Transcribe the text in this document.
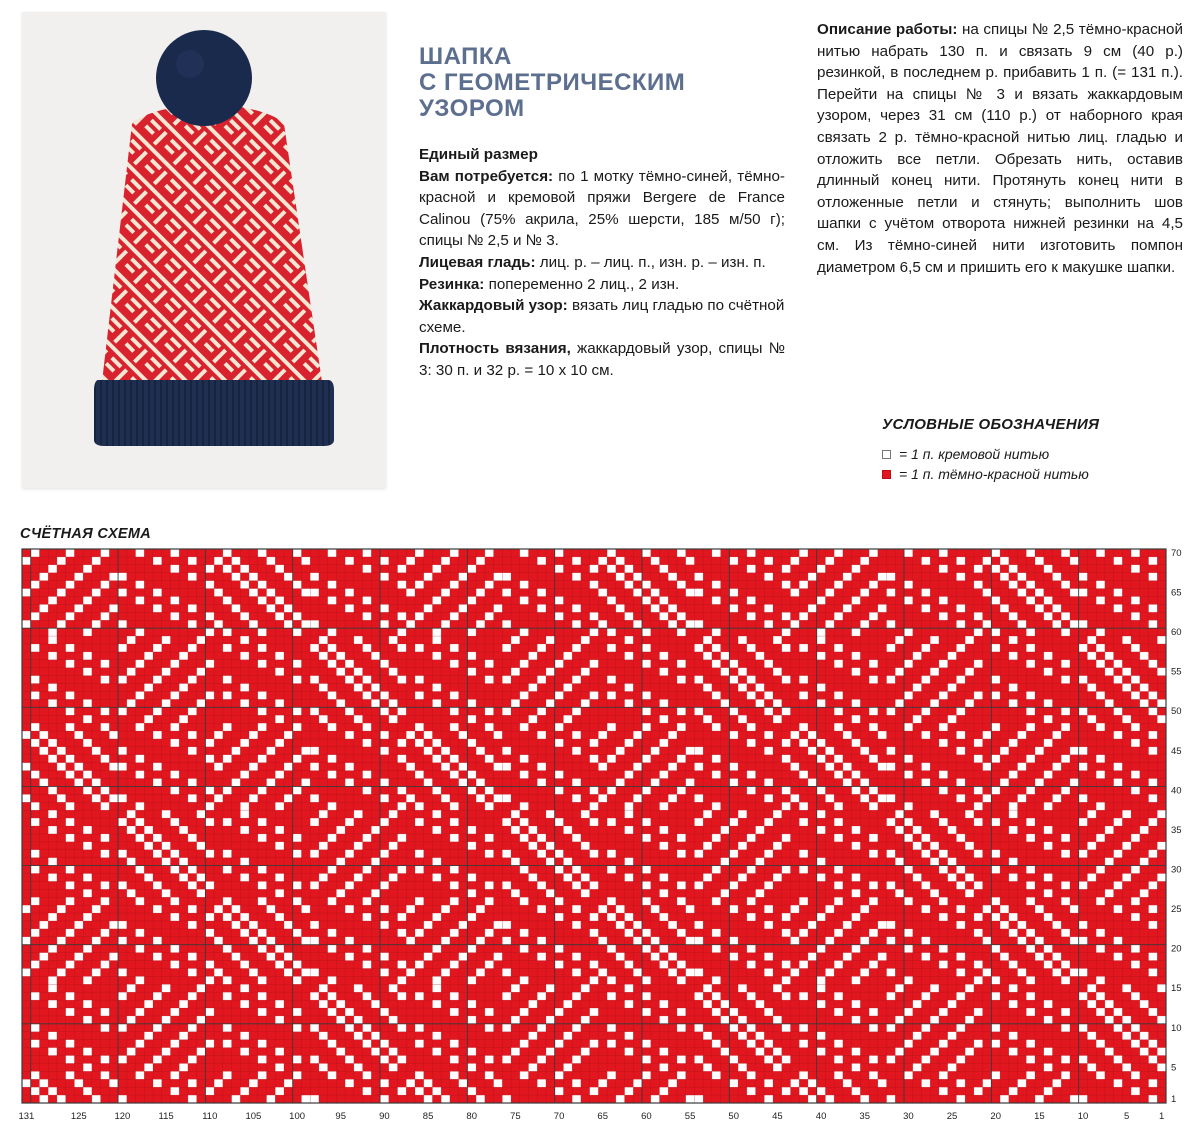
ШАПКА
С ГЕОМЕТРИЧЕСКИМ
УЗОРОМ

Единый размер

Вам потребуется: по 1 мотку тёмно-синей, тёмно-красной и кремовой пряжи Bergere de France Calinou (75% акрила, 25% шерсти, 185 м/50 г); спицы № 2,5 и № 3.

Лицевая гладь: лиц. р. – лиц. п., изн. р. – изн. п.

Резинка: попеременно 2 лиц., 2 изн.

Жаккардовый узор: вязать лиц гладью по счётной схеме.

Плотность вязания, жаккардовый узор, спицы № 3: 30 п. и 32 р. = 10 х 10 см.

Описание работы: на спицы № 2,5 тёмно-красной нитью набрать 130 п. и связать 9 см (40 р.) резинкой, в последнем р. прибавить 1 п. (= 131 п.). Перейти на спицы № 3 и вязать жаккардовым узором, через 31 см (110 р.) от наборного края связать 2 р. тёмно-красной нитью лиц. гладью и отложить все петли. Обрезать нить, оставив длинный конец нити. Протянуть конец нити в отложенные петли и стянуть; выполнить шов шапки с учётом отворота нижней резинки на 4,5 см. Из тёмно-синей нити изготовить помпон диаметром 6,5 см и пришить его к макушке шапки.

УСЛОВНЫЕ ОБОЗНАЧЕНИЯ
= 1 п. кремовой нитью
= 1 п. тёмно-красной нитью
СЧЁТНАЯ СХЕМА
131	125	120	115	110	105	100	95	90	85	80	75	70	65	60	55	50	45	40	35	30	25	20	15	10	5	1
70
65
60
55
50
45
40
35
30
25
20
15
10
5
1
